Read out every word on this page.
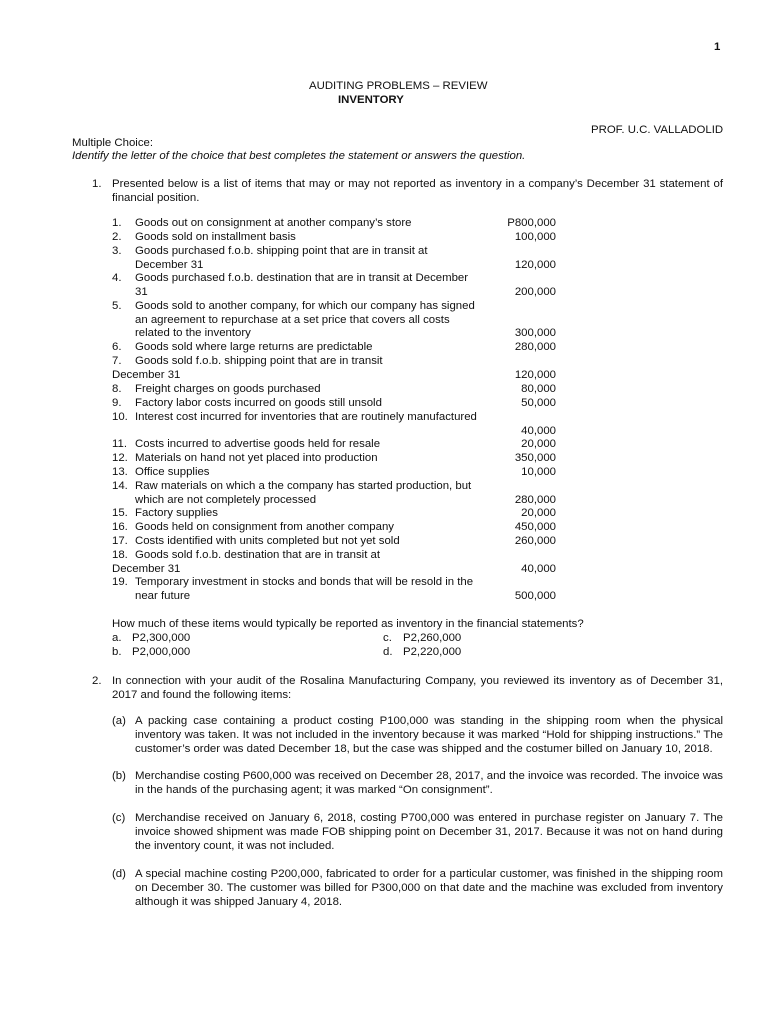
1
AUDITING PROBLEMS – REVIEW
INVENTORY
PROF. U.C. VALLADOLID
Multiple Choice:
Identify the letter of the choice that best completes the statement or answers the question.
1. Presented below is a list of items that may or may not reported as inventory in a company’s December 31 statement of
financial position.
1. Goods out on consignment at another company’s store	P800,000
2. Goods sold on installment basis	100,000
3. Goods purchased f.o.b. shipping point that are in transit at
December 31	120,000
4. Goods purchased f.o.b. destination that are in transit at December
31	200,000
5. Goods sold to another company, for which our company has signed
an agreement to repurchase at a set price that covers all costs
related to the inventory	300,000
6. Goods sold where large returns are predictable	280,000
7. Goods sold f.o.b. shipping point that are in transit
December 31	120,000
8. Freight charges on goods purchased	80,000
9. Factory labor costs incurred on goods still unsold	50,000
10. Interest cost incurred for inventories that are routinely manufactured
40,000
11. Costs incurred to advertise goods held for resale	20,000
12. Materials on hand not yet placed into production	350,000
13. Office supplies	10,000
14. Raw materials on which a the company has started production, but
which are not completely processed	280,000
15. Factory supplies	20,000
16. Goods held on consignment from another company	450,000
17. Costs identified with units completed but not yet sold	260,000
18. Goods sold f.o.b. destination that are in transit at
December 31	40,000
19. Temporary investment in stocks and bonds that will be resold in the
near future	500,000
How much of these items would typically be reported as inventory in the financial statements?
a. P2,300,000	c. P2,260,000
b. P2,000,000	d. P2,220,000
2. In connection with your audit of the Rosalina Manufacturing Company, you reviewed its inventory as of December 31,
2017 and found the following items:
(a) A packing case containing a product costing P100,000 was standing in the shipping room when the physical
inventory was taken. It was not included in the inventory because it was marked “Hold for shipping instructions.” The
customer’s order was dated December 18, but the case was shipped and the costumer billed on January 10, 2018.
(b) Merchandise costing P600,000 was received on December 28, 2017, and the invoice was recorded. The invoice was
in the hands of the purchasing agent; it was marked “On consignment”.
(c) Merchandise received on January 6, 2018, costing P700,000 was entered in purchase register on January 7. The
invoice showed shipment was made FOB shipping point on December 31, 2017. Because it was not on hand during
the inventory count, it was not included.
(d) A special machine costing P200,000, fabricated to order for a particular customer, was finished in the shipping room
on December 30. The customer was billed for P300,000 on that date and the machine was excluded from inventory
although it was shipped January 4, 2018.
